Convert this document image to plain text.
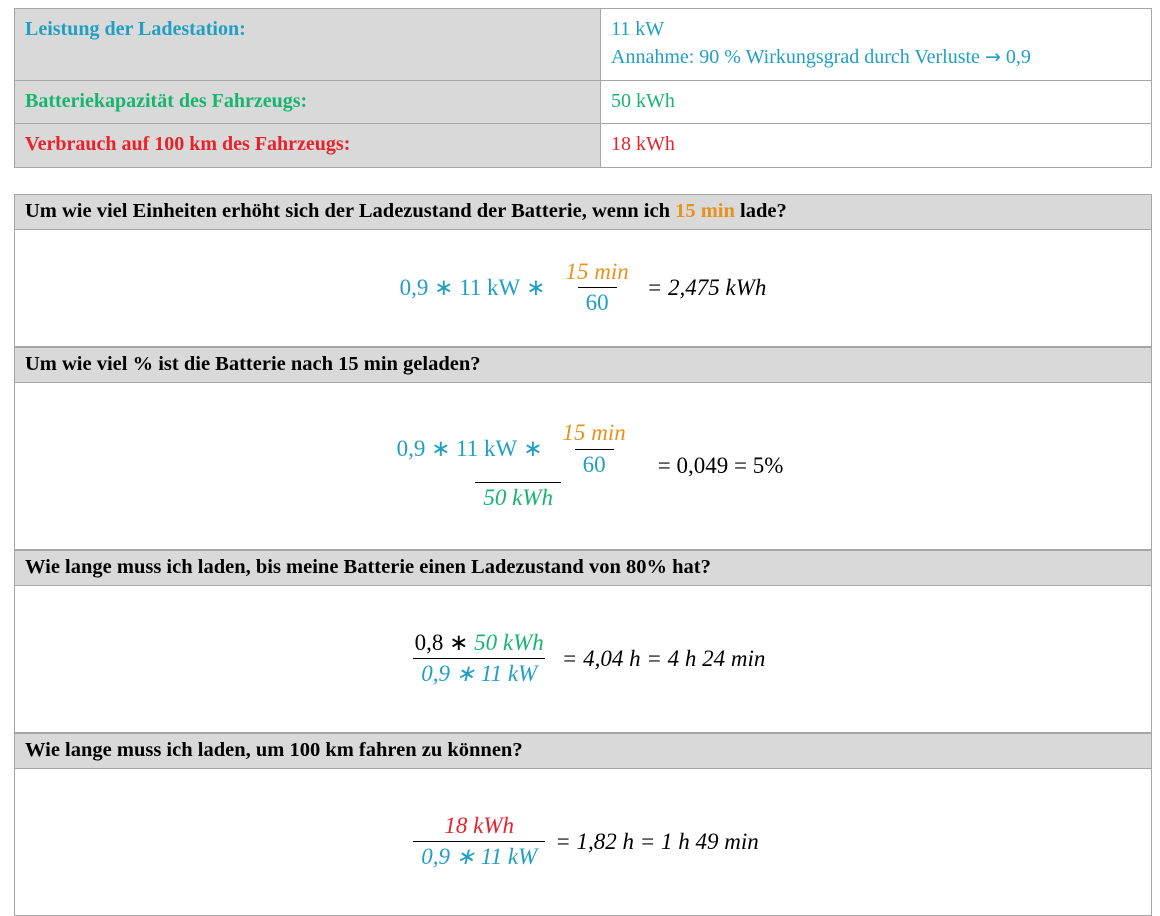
Leistung der Ladestation:	11 kW
Annahme: 90 % Wirkungsgrad durch Verluste → 0,9

Batteriekapazität des Fahrzeugs:	50 kWh
Verbrauch auf 100 km des Fahrzeugs:	18 kWh
Um wie viel Einheiten erhöht sich der Ladezustand der Batterie, wenn ich 15 min lade?
0,9 ∗ 11 kW ∗ $\frac{15 \min}{60} = 2,475$ kWh
Um wie viel % ist die Batterie nach 15 min geladen?
0,9 ∗ 11 kW ∗ $\frac{15 \min}{60}$
50 kWh
= 0,049 = 5%
Wie lange muss ich laden, bis meine Batterie einen Ladezustand von 80% hat?
$\frac{\text{0,8 ∗ 50 kWh}}{0,9 ∗ 11 kW} = 4,04$ h = 4 h 24 min
Wie lange muss ich laden, um 100 km fahren zu können?
$\frac{\text{18 kWh}}{0,9 ∗ 11 kW} = 1,82$ h = 1 h 49 min
